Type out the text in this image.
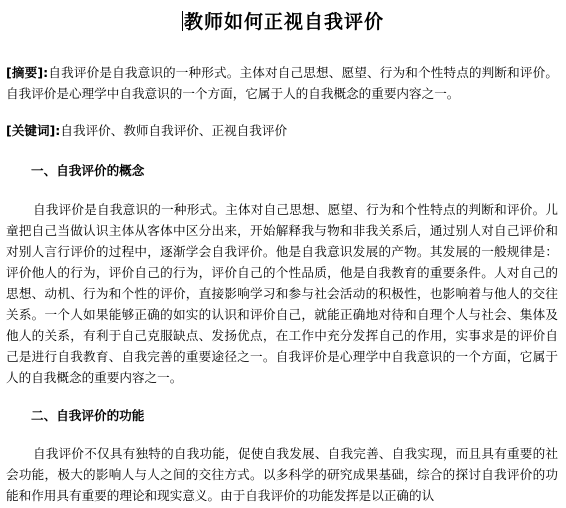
教师如何正视自我评价

[摘要]:自我评价是自我意识的一种形式。主体对自己思想、愿望、行为和个性特点的判断和评价。自我评价是心理学中自我意识的一个方面，它属于人的自我概念的重要内容之一。

[关键词]:自我评价、教师自我评价、正视自我评价

一、自我评价的概念

自我评价是自我意识的一种形式。主体对自己思想、愿望、行为和个性特点的判断和评价。儿童把自己当做认识主体从客体中区分出来，开始解释我与物和非我关系后，通过别人对自己评价和对别人言行评价的过程中，逐渐学会自我评价。他是自我意识发展的产物。其发展的一般规律是：评价他人的行为，评价自己的行为，评价自己的个性品质，他是自我教育的重要条件。人对自己的思想、动机、行为和个性的评价，直接影响学习和参与社会活动的积极性，也影响着与他人的交往关系。一个人如果能够正确的如实的认识和评价自己，就能正确地对待和自理个人与社会、集体及他人的关系，有利于自己克服缺点、发扬优点，在工作中充分发挥自己的作用，实事求是的评价自己是进行自我教育、自我完善的重要途径之一。自我评价是心理学中自我意识的一个方面，它属于人的自我概念的重要内容之一。

二、自我评价的功能

自我评价不仅具有独特的自我功能，促使自我发展、自我完善、自我实现，而且具有重要的社会功能，极大的影响人与人之间的交往方式。以多科学的研究成果基础，综合的探讨自我评价的功能和作用具有重要的理论和现实意义。由于自我评价的功能发挥是以正确的认
